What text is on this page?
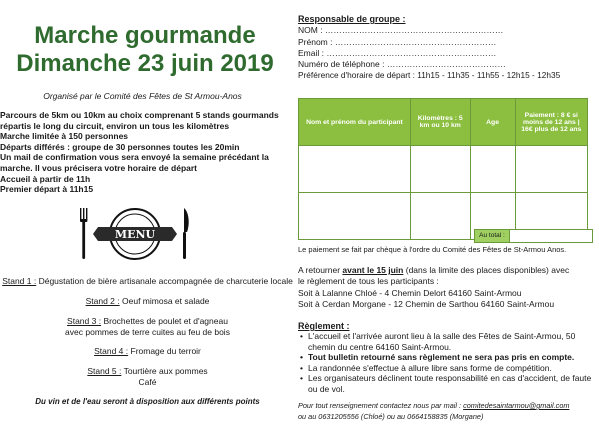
Marche gourmande
Dimanche 23 juin 2019
Organisé par le Comité des Fêtes de St Armou-Anos
Parcours de 5km ou 10km au choix comprenant 5 stands gourmands
répartis le long du circuit, environ un tous les kilomètres
Marche limitée à 150 personnes
Départs différés : groupe de 30 personnes toutes les 20min
Un mail de confirmation vous sera envoyé la semaine précédant la
marche. Il vous précisera votre horaire de départ
Accueil à partir de 11h
Premier départ à 11h15
MENU
Stand 1 : Dégustation de bière artisanale accompagnée de charcuterie locale
Stand 2 : Oeuf mimosa et salade
Stand 3 : Brochettes de poulet et d'agneau
avec pommes de terre cuites au feu de bois
Stand 4 : Fromage du terroir
Stand 5 : Tourtière aux pommes
Café
Du vin et de l'eau seront à disposition aux différents points
Responsable de groupe :
NOM : ………………………………………………………
Prénom : …………………………………………………
Email : ……………………………………………………
Numéro de téléphone : ……………………………………
Préférence d'horaire de départ : 11h15 - 11h35 - 11h55 - 12h15 - 12h35
Nom et prénom du participant	Kilomètres : 5 km ou 10 km	Age	Paiement : 8 € si moins de 12 ans | 16€ plus de 12 ans

Au total :
Le paiement se fait par chèque à l'ordre du Comité des Fêtes de St-Armou Anos.
A retourner avant le 15 juin (dans la limite des places disponibles) avec
le règlement de tous les participants :
Soit à Lalanne Chloé - 4 Chemin Delort 64160 Saint-Armou
Soit à Cerdan Morgane - 12 Chemin de Sarthou 64160 Saint-Armou
Règlement :
• L'accueil et l'arrivée auront lieu à la salle des Fêtes de Saint-Armou, 50 chemin du centre 64160 Saint-Armou.
• Tout bulletin retourné sans règlement ne sera pas pris en compte.
• La randonnée s'effectue à allure libre sans forme de compétition.
• Les organisateurs déclinent toute responsabilité en cas d'accident, de faute ou de vol.
Pour tout renseignement contactez nous par mail : comitedesaintarmou@gmail.com
ou au 0631205556 (Chloé) ou au 0664158835 (Morgane)
